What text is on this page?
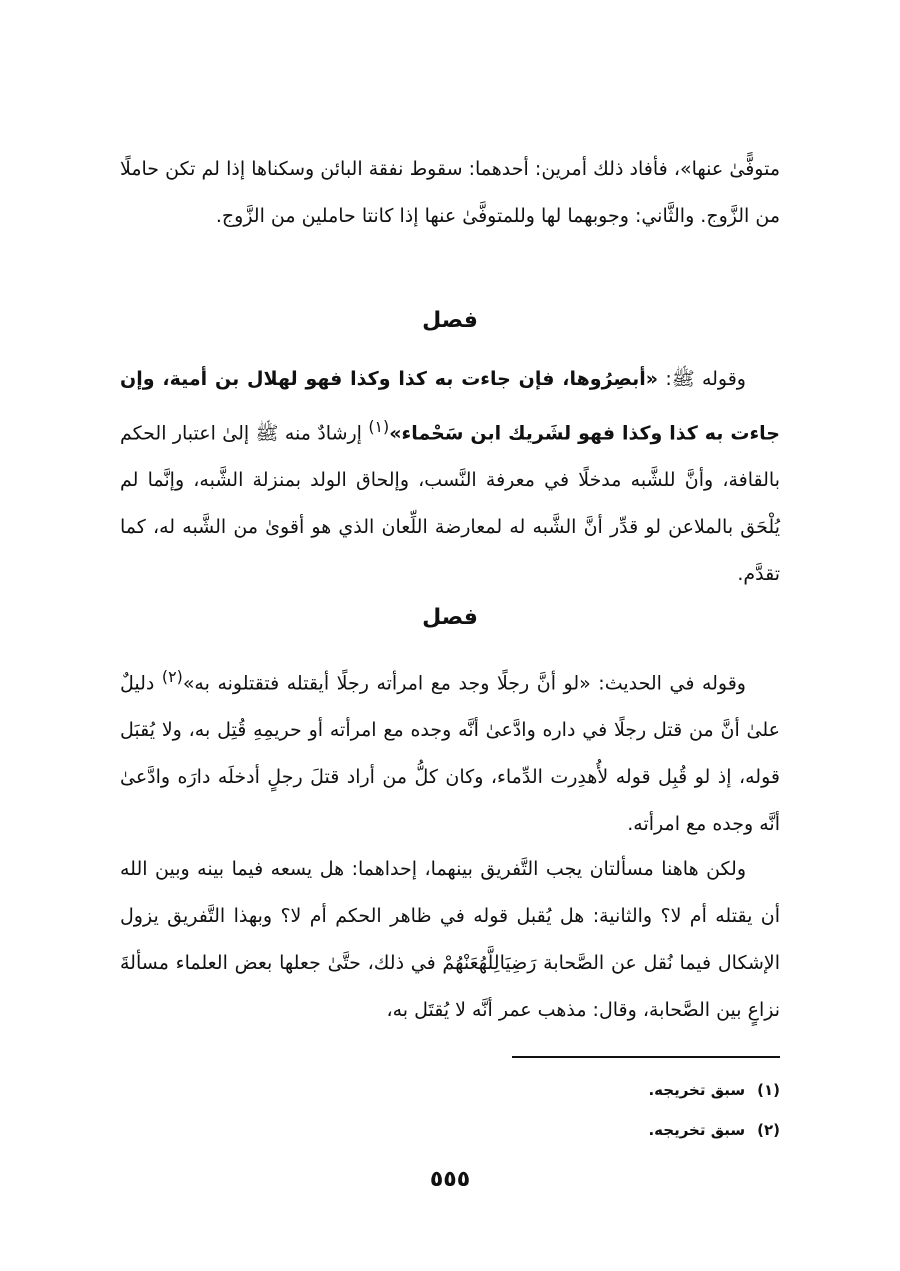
متوفًّىٰ عنها»، فأفاد ذلك أمرين: أحدهما: سقوط نفقة البائن وسكناها إذا لم تكن حاملًا من الزَّوج. والثَّاني: وجوبهما لها وللمتوفَّىٰ عنها إذا كانتا حاملين من الزَّوج.

فصل

وقوله ﷺ: «أبصِرُوها، فإن جاءت به كذا وكذا فهو لهلال بن أمية، وإن جاءت به كذا وكذا فهو لشَريك ابن سَحْماء»$^{(١)}$ إرشادٌ منه ﷺ إلىٰ اعتبار الحكم بالقافة، وأنَّ للشَّبه مدخلًا في معرفة النَّسب، وإلحاق الولد بمنزلة الشَّبه، وإنَّما لم يُلْحَق بالملاعن لو قدِّر أنَّ الشَّبه له لمعارضة اللِّعان الذي هو أقوىٰ من الشَّبه له، كما تقدَّم.

فصل

وقوله في الحديث: «لو أنَّ رجلًا وجد مع امرأته رجلًا أيقتله فتقتلونه به»$^{(٢)}$ دليلٌ علىٰ أنَّ من قتل رجلًا في داره وادَّعىٰ أنَّه وجده مع امرأته أو حريمِهِ قُتِل به، ولا يُقبَل قوله، إذ لو قُبِل قوله لأُهدِرت الدِّماء، وكان كلُّ من أراد قتلَ رجلٍ أدخلَه دارَه وادَّعىٰ أنَّه وجده مع امرأته.

ولكن هاهنا مسألتان يجب التَّفريق بينهما، إحداهما: هل يسعه فيما بينه وبين الله أن يقتله أم لا؟ والثانية: هل يُقبل قوله في ظاهر الحكم أم لا؟ وبهذا التَّفريق يزول الإشكال فيما نُقل عن الصَّحابة رَضِيَالِلَّهُعَنْهُمْ في ذلك، حتَّىٰ جعلها بعض العلماء مسألةَ نزاعٍ بين الصَّحابة، وقال: مذهب عمر أنَّه لا يُقتَل به،

(١)سبق تخريجه.
(٢)سبق تخريجه.
٥٥٥
